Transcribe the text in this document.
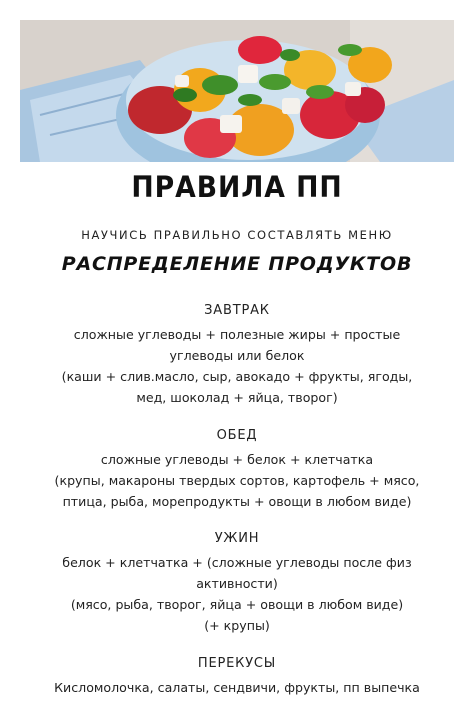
ПРАВИЛА ПП
НАУЧИСЬ ПРАВИЛЬНО СОСТАВЛЯТЬ МЕНЮ
РАСПРЕДЕЛЕНИЕ ПРОДУКТОВ
ЗАВТРАК
сложные углеводы + полезные жиры + простые
углеводы или белок
(каши + слив.масло, сыр, авокадо + фрукты, ягоды,
мед, шоколад + яйца, творог)
ОБЕД
сложные углеводы + белок + клетчатка
(крупы, макароны твердых сортов, картофель + мясо,
птица, рыба, морепродукты + овощи в любом виде)
УЖИН
белок + клетчатка + (сложные углеводы после физ
активности)
(мясо, рыба, творог, яйца + овощи в любом виде)
(+ крупы)
ПЕРЕКУСЫ
Кисломолочка, салаты, сендвичи, фрукты, пп выпечка
